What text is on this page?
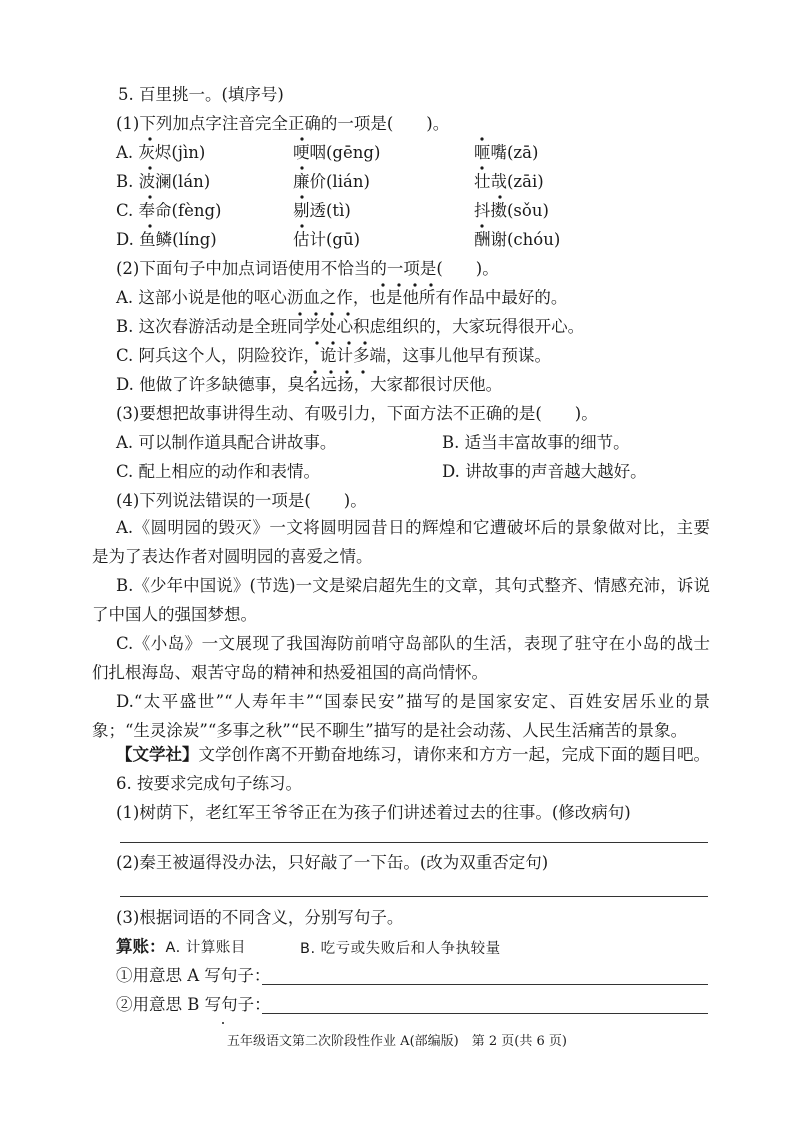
5. 百里挑一。(填序号)
(1)下列加点字注音完全正确的一项是(　　)。
A. 灰烬(jìn)	哽咽(gēng)	咂嘴(zā)
B. 波澜(lán)	廉价(lián)	壮哉(zāi)
C. 奉命(fèng)	剔透(tì)	抖擞(sǒu)
D. 鱼鳞(líng)	估计(gū)	酬谢(chóu)
(2)下面句子中加点词语使用不恰当的一项是(　　)。
A. 这部小说是他的呕心沥血之作，也是他所有作品中最好的。
B. 这次春游活动是全班同学处心积虑组织的，大家玩得很开心。
C. 阿兵这个人，阴险狡诈，诡计多端，这事儿他早有预谋。
D. 他做了许多缺德事，臭名远扬，大家都很讨厌他。
(3)要想把故事讲得生动、有吸引力，下面方法不正确的是(　　)。
A. 可以制作道具配合讲故事。	B. 适当丰富故事的细节。
C. 配上相应的动作和表情。	D. 讲故事的声音越大越好。
(4)下列说法错误的一项是(　　)。
A.《圆明园的毁灭》一文将圆明园昔日的辉煌和它遭破坏后的景象做对比，主要是为了表达作者对圆明园的喜爱之情。
B.《少年中国说》(节选)一文是梁启超先生的文章，其句式整齐、情感充沛，诉说了中国人的强国梦想。
C.《小岛》一文展现了我国海防前哨守岛部队的生活，表现了驻守在小岛的战士们扎根海岛、艰苦守岛的精神和热爱祖国的高尚情怀。
D.“太平盛世”“人寿年丰”“国泰民安”描写的是国家安定、百姓安居乐业的景象；“生灵涂炭”“多事之秋”“民不聊生”描写的是社会动荡、人民生活痛苦的景象。
【文学社】文学创作离不开勤奋地练习，请你来和方方一起，完成下面的题目吧。
6. 按要求完成句子练习。
(1)树荫下，老红军王爷爷正在为孩子们讲述着过去的往事。(修改病句)
(2)秦王被逼得没办法，只好敲了一下缶。(改为双重否定句)
(3)根据词语的不同含义，分别写句子。
算账：A. 计算账目	B. 吃亏或失败后和人争执较量
①用意思 A 写句子：
②用意思 B 写句子：
五年级语文第二次阶段性作业 A(部编版)　第 2 页(共 6 页)
